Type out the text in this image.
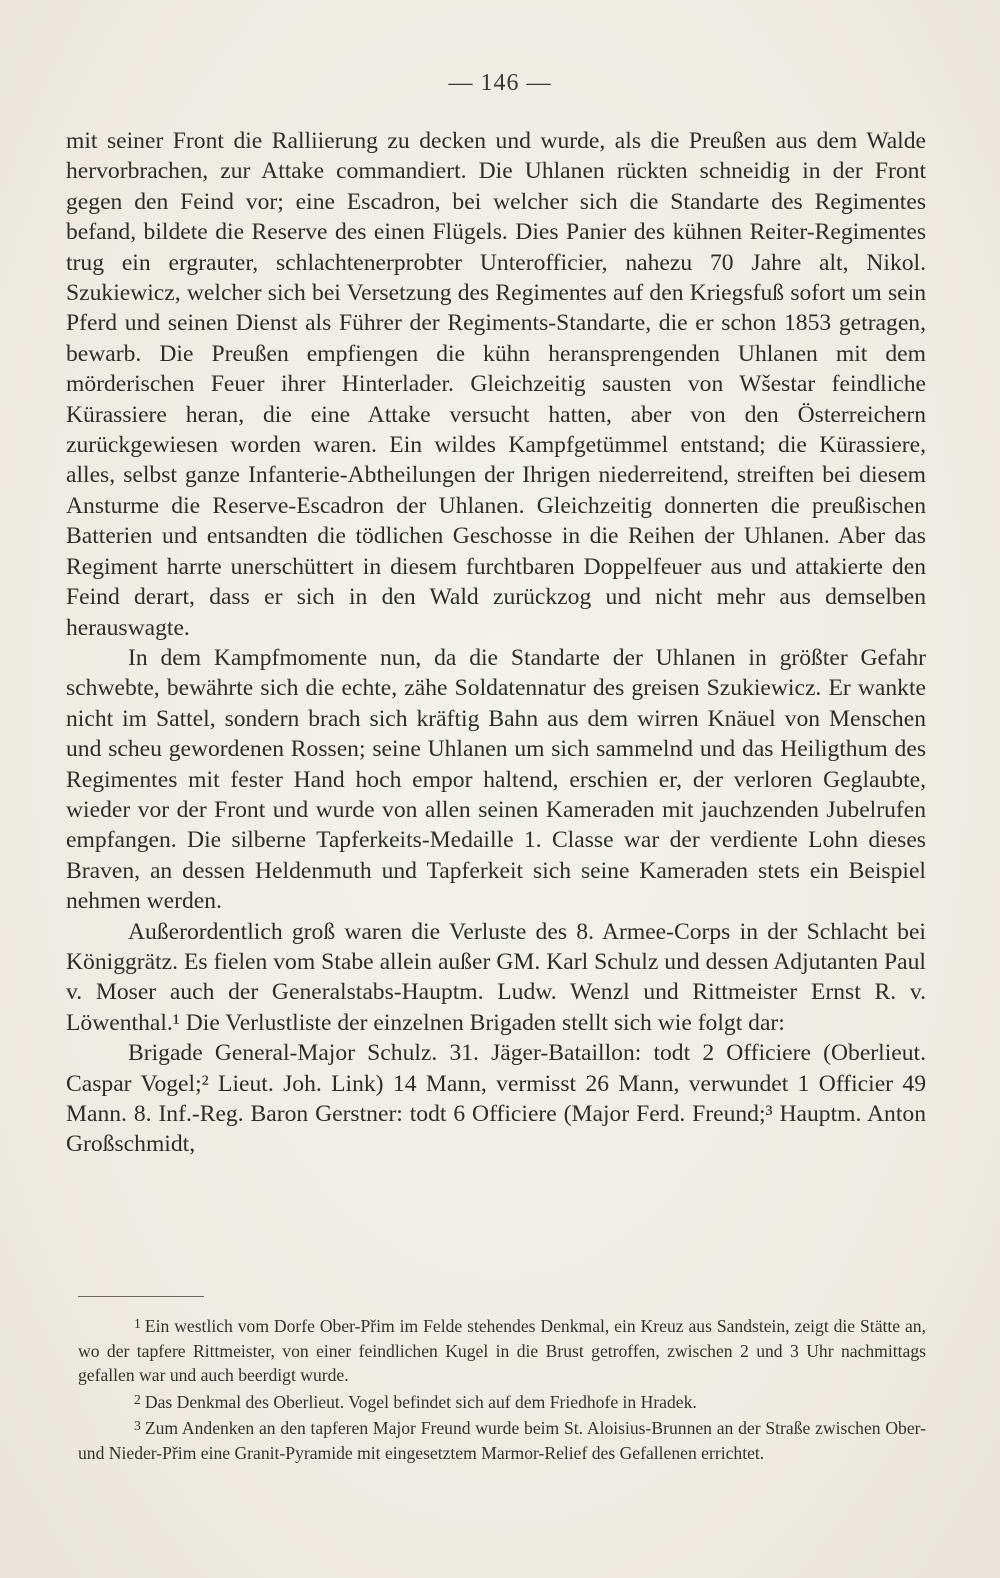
— 146 —

mit seiner Front die Ralliierung zu decken und wurde, als die Preußen aus dem Walde hervorbrachen, zur Attake commandiert. Die Uhlanen rückten schneidig in der Front gegen den Feind vor; eine Escadron, bei welcher sich die Standarte des Regimentes befand, bildete die Reserve des einen Flügels. Dies Panier des kühnen Reiter-Regimentes trug ein ergrauter, schlachtenerprobter Unterofficier, nahezu 70 Jahre alt, Nikol. Szukiewicz, welcher sich bei Versetzung des Regimentes auf den Kriegsfuß sofort um sein Pferd und seinen Dienst als Führer der Regiments-Standarte, die er schon 1853 getragen, bewarb. Die Preußen empfiengen die kühn heransprengenden Uhlanen mit dem mörderischen Feuer ihrer Hinterlader. Gleichzeitig sausten von Wšestar feindliche Kürassiere heran, die eine Attake versucht hatten, aber von den Österreichern zurückgewiesen worden waren. Ein wildes Kampfgetümmel entstand; die Kürassiere, alles, selbst ganze Infanterie-Abtheilungen der Ihrigen niederreitend, streiften bei diesem Ansturme die Reserve-Escadron der Uhlanen. Gleichzeitig donnerten die preußischen Batterien und entsandten die tödlichen Geschosse in die Reihen der Uhlanen. Aber das Regiment harrte unerschüttert in diesem furchtbaren Doppelfeuer aus und attakierte den Feind derart, dass er sich in den Wald zurückzog und nicht mehr aus demselben herauswagte.

In dem Kampfmomente nun, da die Standarte der Uhlanen in größter Gefahr schwebte, bewährte sich die echte, zähe Soldatennatur des greisen Szukiewicz. Er wankte nicht im Sattel, sondern brach sich kräftig Bahn aus dem wirren Knäuel von Menschen und scheu gewordenen Rossen; seine Uhlanen um sich sammelnd und das Heiligthum des Regimentes mit fester Hand hoch empor haltend, erschien er, der verloren Geglaubte, wieder vor der Front und wurde von allen seinen Kameraden mit jauchzenden Jubelrufen empfangen. Die silberne Tapferkeits-Medaille 1. Classe war der verdiente Lohn dieses Braven, an dessen Heldenmuth und Tapferkeit sich seine Kameraden stets ein Beispiel nehmen werden.

Außerordentlich groß waren die Verluste des 8. Armee-Corps in der Schlacht bei Königgrätz. Es fielen vom Stabe allein außer GM. Karl Schulz und dessen Adjutanten Paul v. Moser auch der Generalstabs-Hauptm. Ludw. Wenzl und Rittmeister Ernst R. v. Löwenthal.¹ Die Verlustliste der einzelnen Brigaden stellt sich wie folgt dar:

Brigade General-Major Schulz. 31. Jäger-Bataillon: todt 2 Officiere (Oberlieut. Caspar Vogel;² Lieut. Joh. Link) 14 Mann, vermisst 26 Mann, verwundet 1 Officier 49 Mann. 8. Inf.-Reg. Baron Gerstner: todt 6 Officiere (Major Ferd. Freund;³ Hauptm. Anton Großschmidt,

$^1$ Ein westlich vom Dorfe Ober-Přim im Felde stehendes Denkmal, ein Kreuz aus Sandstein, zeigt die Stätte an, wo der tapfere Rittmeister, von einer feindlichen Kugel in die Brust getroffen, zwischen 2 und 3 Uhr nachmittags gefallen war und auch beerdigt wurde.

$^2$ Das Denkmal des Oberlieut. Vogel befindet sich auf dem Friedhofe in Hradek.

$^3$ Zum Andenken an den tapferen Major Freund wurde beim St. Aloisius-Brunnen an der Straße zwischen Ober- und Nieder-Přim eine Granit-Pyramide mit eingesetztem Marmor-Relief des Gefallenen errichtet.
